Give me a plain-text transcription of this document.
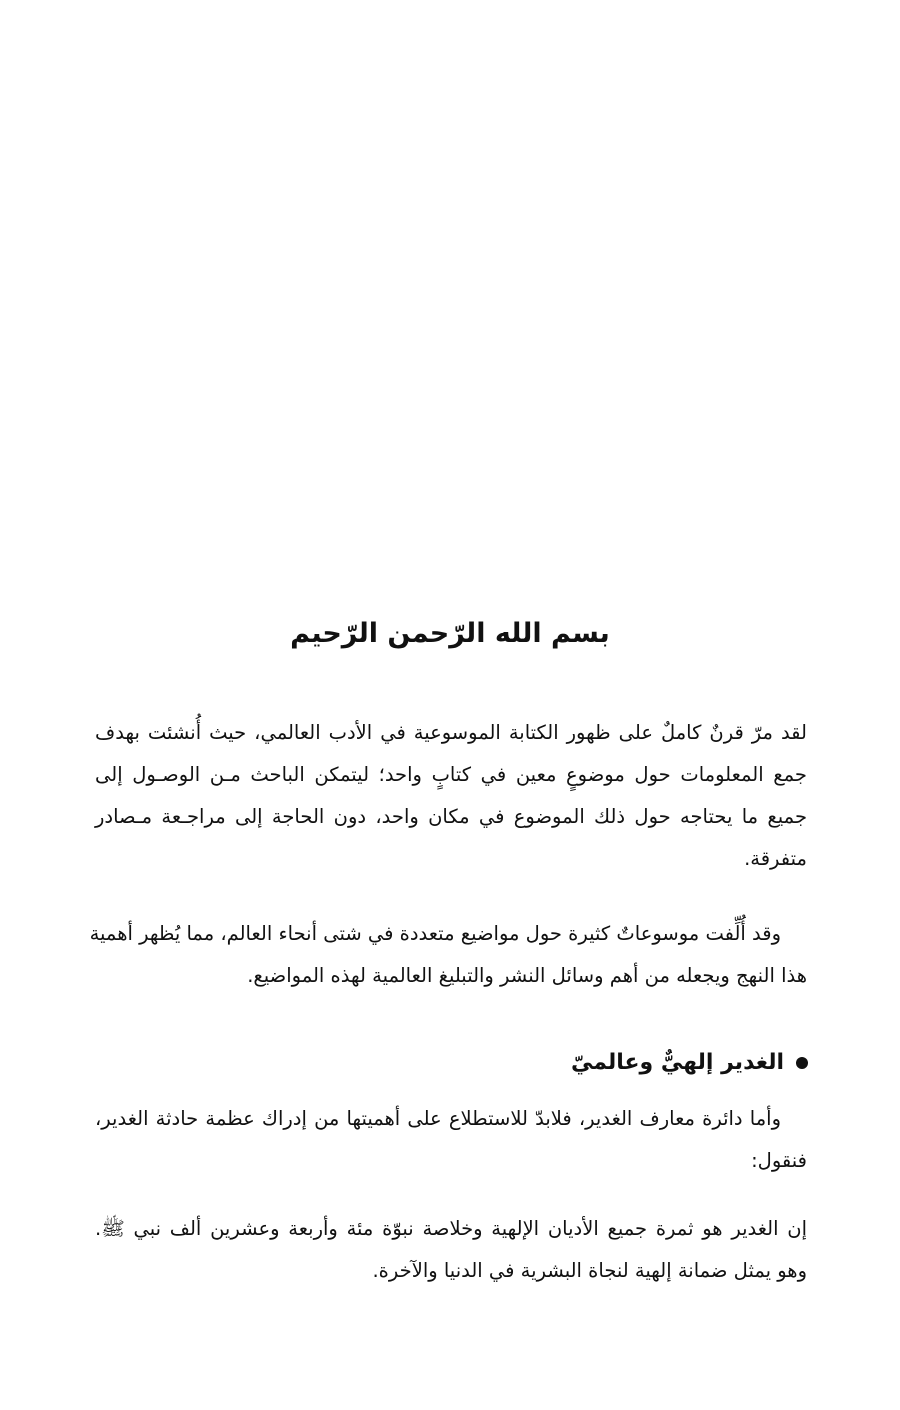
بسم الله الرّحمن الرّحيم
لقد مرّ قرنٌ كاملٌ على ظهور الكتابة الموسوعية في الأدب العالمي، حيث أُنشئت بهدف
جمع المعلومات حول موضوعٍ معين في كتابٍ واحد؛ ليتمكن الباحث مـن الوصـول إلى
جميع ما يحتاجه حول ذلك الموضوع في مكان واحد، دون الحاجة إلى مراجـعة مـصادر
متفرقة.
وقد أُلِّفت موسوعاتٌ كثيرة حول مواضيع متعددة في شتى أنحاء العالم، مما يُظهر أهمية
هذا النهج ويجعله من أهم وسائل النشر والتبليغ العالمية لهذه المواضيع.
الغدير إلهيٌّ وعالميّ
وأما دائرة معارف الغدير، فلابدّ للاستطلاع على أهميتها من إدراك عظمة حادثة الغدير،
فنقول:
إن الغدير هو ثمرة جميع الأديان الإلهية وخلاصة نبوّة مئة وأربعة وعشرين ألف نبي ﷺ.
وهو يمثل ضمانة إلهية لنجاة البشرية في الدنيا والآخرة.
